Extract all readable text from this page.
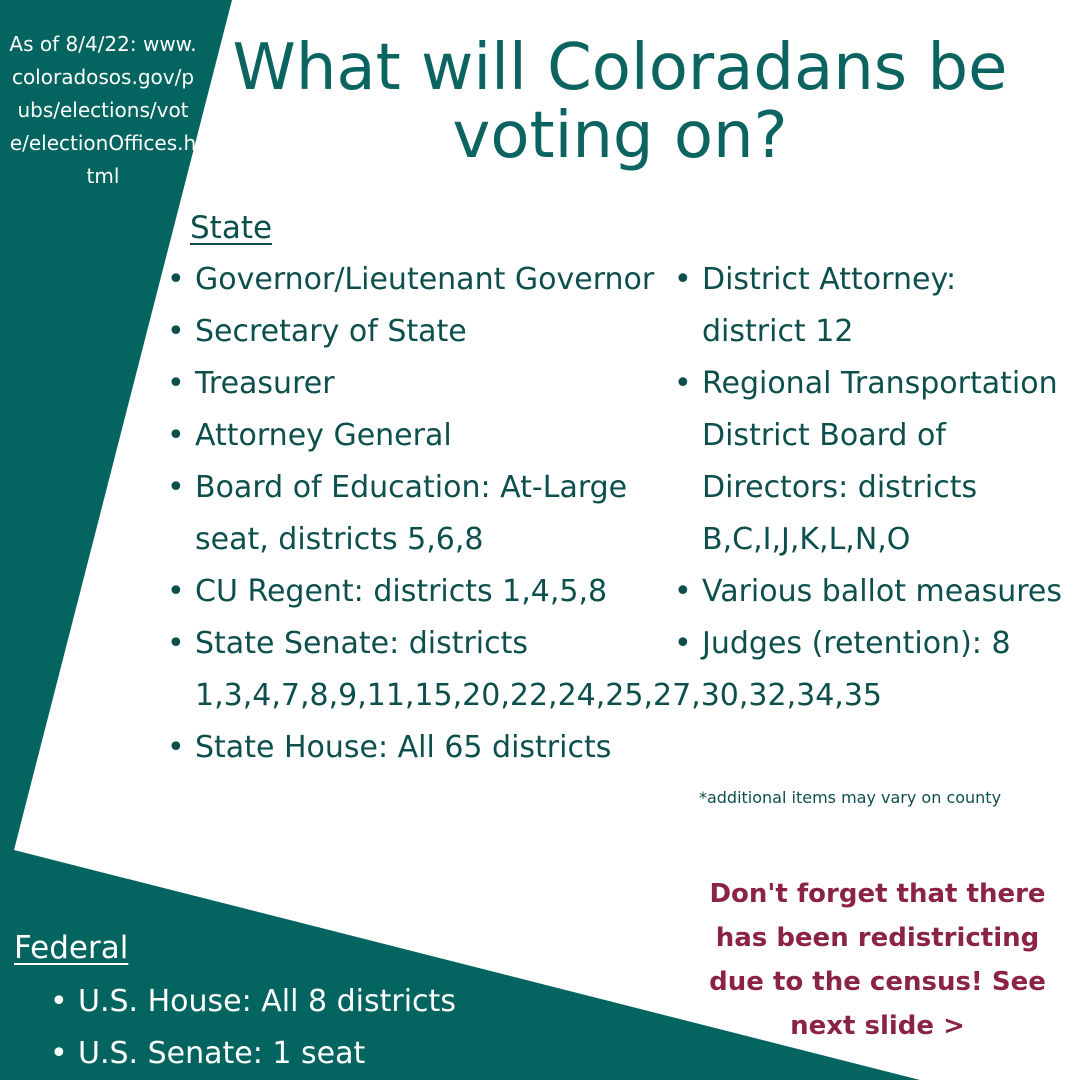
As of 8/4/22: www.coloradosos.gov/pubs/elections/vote/electionOffices.html
What will Coloradans be voting on?
State
• Governor/Lieutenant Governor
• Secretary of State
• Treasurer
• Attorney General
• Board of Education: At-Large seat, districts 5,6,8
• CU Regent: districts 1,4,5,8
• State Senate: districts 1,3,4,7,8,9,11,15,20,22,24,25,27,30,32,34,35
• State House: All 65 districts
• District Attorney: district 12
• Regional Transportation District Board of Directors: districts B,C,I,J,K,L,N,O
• Various ballot measures
• Judges (retention): 8
*additional items may vary on county
Don't forget that there has been redistricting due to the census! See next slide >
Federal
• U.S. House: All 8 districts
• U.S. Senate: 1 seat
